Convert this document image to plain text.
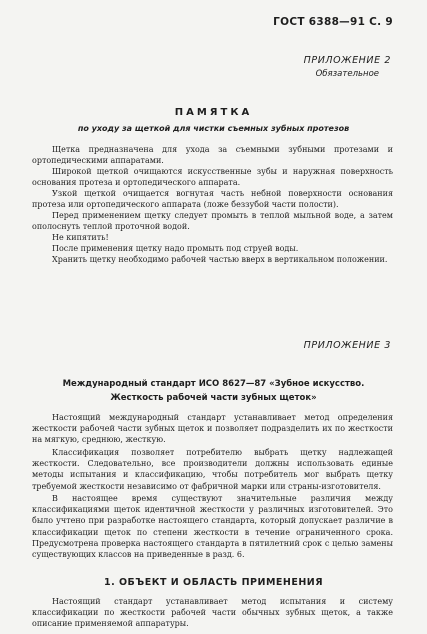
ГОСТ 6388—91 С. 9
ПРИЛОЖЕНИЕ 2
Обязательное
ПАМЯТКА
по уходу за щеткой для чистки съемных зубных протезов

Щетка предназначена для ухода за съемными зубными протезами и ортопедическими аппаратами.

Широкой щеткой очищаются искусственные зубы и наружная поверхность основания протеза и ортопедического аппарата.

Узкой щеткой очищается вогнутая часть небной поверхности основания протеза или ортопедического аппарата (ложе беззубой части полости).

Перед применением щетку следует промыть в теплой мыльной воде, а затем ополоснуть теплой проточной водой.

Не кипятить!

После применения щетку надо промыть под струей воды.

Хранить щетку необходимо рабочей частью вверх в вертикальном положении.

ПРИЛОЖЕНИЕ 3
Международный стандарт ИСО 8627—87 «Зубное искусство.
Жесткость рабочей части зубных щеток»

Настоящий международный стандарт устанавливает метод определения жесткости рабочей части зубных щеток и позволяет подразделить их по жесткости на мягкую, среднюю, жесткую.

Классификация позволяет потребителю выбрать щетку надлежащей жесткости. Следовательно, все производители должны использовать единые методы испытания и классификацию, чтобы потребитель мог выбрать щетку требуемой жесткости независимо от фабричной марки или страны-изготовителя.

В настоящее время существуют значительные различия между классификациями щеток идентичной жесткости у различных изготовителей. Это было учтено при разработке настоящего стандарта, который допускает различие в классификации щеток по степени жесткости в течение ограниченного срока. Предусмотрена проверка настоящего стандарта в пятилетний срок с целью замены существующих классов на приведенные в разд. 6.

1. ОБЪЕКТ И ОБЛАСТЬ ПРИМЕНЕНИЯ

Настоящий стандарт устанавливает метод испытания и систему классификации по жесткости рабочей части обычных зубных щеток, а также описание применяемой аппаратуры.
